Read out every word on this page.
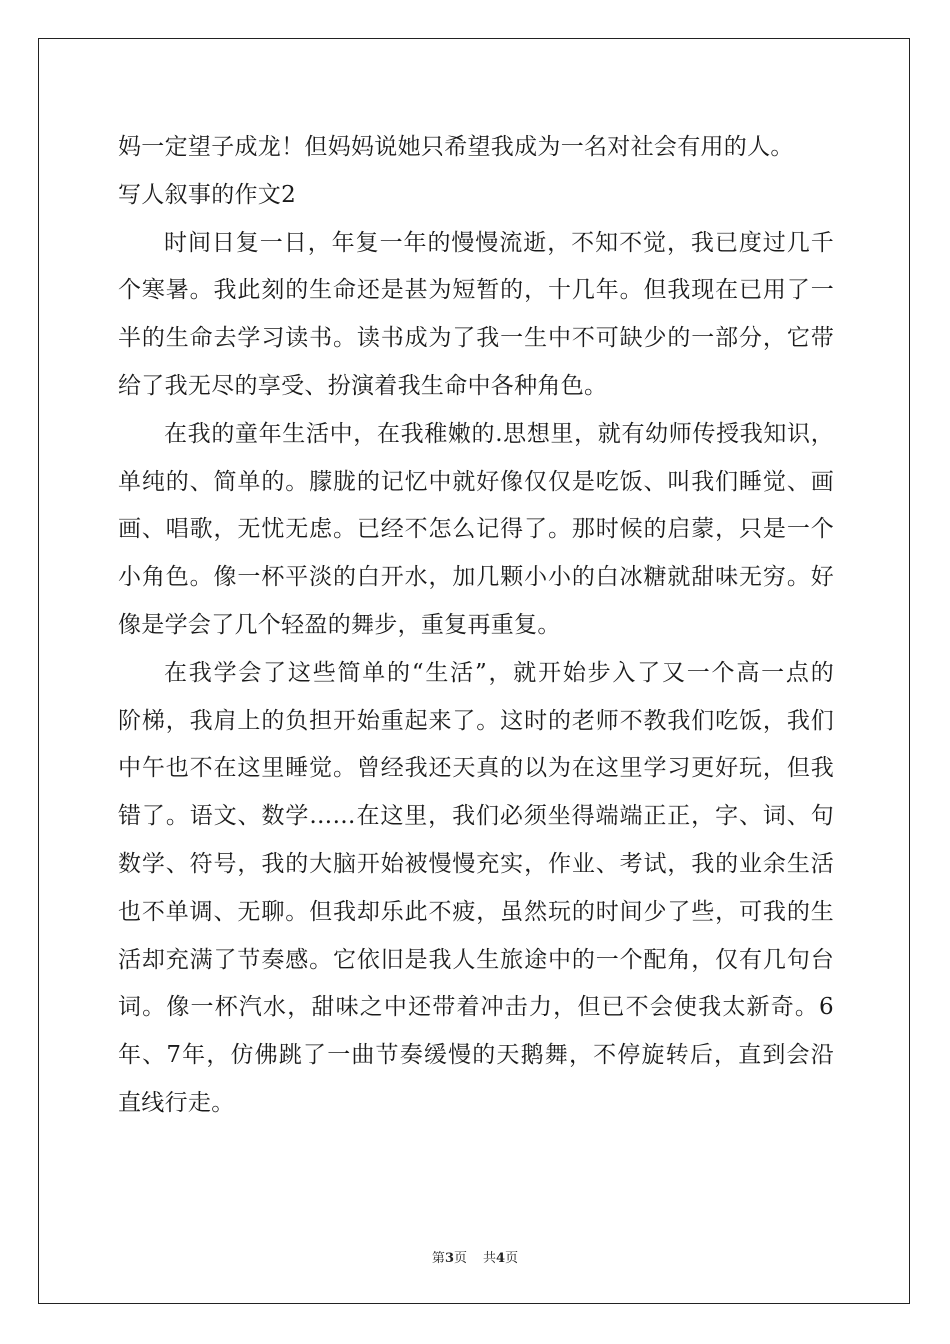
妈一定望子成龙！但妈妈说她只希望我成为一名对社会有用的人。
写人叙事的作文2
时间日复一日，年复一年的慢慢流逝，不知不觉，我已度过几千
个寒暑。我此刻的生命还是甚为短暂的，十几年。但我现在已用了一
半的生命去学习读书。读书成为了我一生中不可缺少的一部分，它带
给了我无尽的享受、扮演着我生命中各种角色。
在我的童年生活中，在我稚嫩的.思想里，就有幼师传授我知识，
单纯的、简单的。朦胧的记忆中就好像仅仅是吃饭、叫我们睡觉、画
画、唱歌，无忧无虑。已经不怎么记得了。那时候的启蒙，只是一个
小角色。像一杯平淡的白开水，加几颗小小的白冰糖就甜味无穷。好
像是学会了几个轻盈的舞步，重复再重复。
在我学会了这些简单的“生活”，就开始步入了又一个高一点的
阶梯，我肩上的负担开始重起来了。这时的老师不教我们吃饭，我们
中午也不在这里睡觉。曾经我还天真的以为在这里学习更好玩，但我
错了。语文、数学……在这里，我们必须坐得端端正正，字、词、句
数学、符号，我的大脑开始被慢慢充实，作业、考试，我的业余生活
也不单调、无聊。但我却乐此不疲，虽然玩的时间少了些，可我的生
活却充满了节奏感。它依旧是我人生旅途中的一个配角，仅有几句台
词。像一杯汽水，甜味之中还带着冲击力，但已不会使我太新奇。6
年、7年，仿佛跳了一曲节奏缓慢的天鹅舞，不停旋转后，直到会沿
直线行走。
第3页 共4页
